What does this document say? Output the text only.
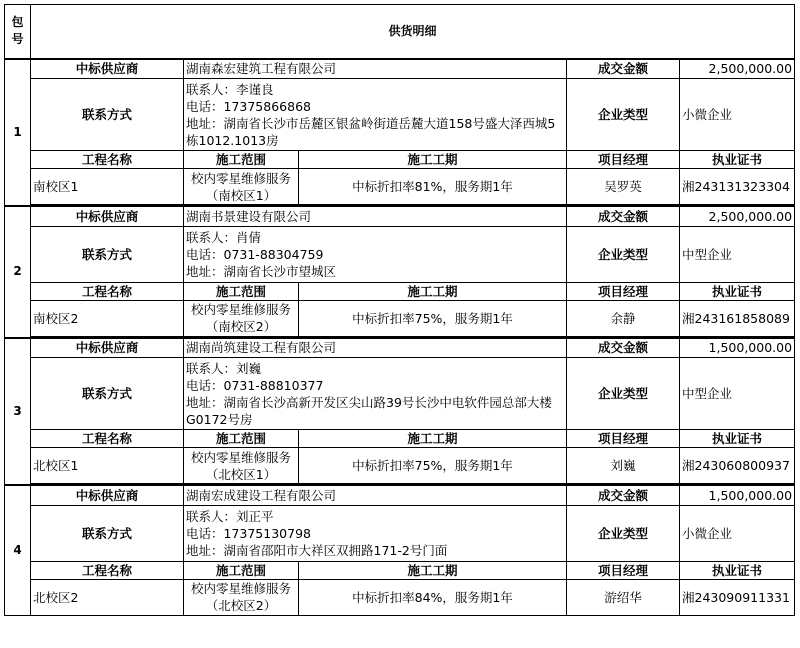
包号	供货明细				
1	中标供应商	湖南森宏建筑工程有限公司		成交金额	2,500,000.00
	联系方式	联系人：李谨良
电话：17375866868
地址：湖南省长沙市岳麓区银盆岭街道岳麓大道158号盛大泽西城5栋1012.1013房		企业类型	小微企业
	工程名称	施工范围	施工工期	项目经理	执业证书
	南校区1	校内零星维修服务（南校区1）	中标折扣率81%，服务期1年	吴罗英	湘243131323304

2	中标供应商	湖南书景建设有限公司		成交金额	2,500,000.00
	联系方式	联系人：肖倩
电话：0731-88304759
地址：湖南省长沙市望城区		企业类型	中型企业
	工程名称	施工范围	施工工期	项目经理	执业证书
	南校区2	校内零星维修服务（南校区2）	中标折扣率75%，服务期1年	余静	湘243161858089

3	中标供应商	湖南尚筑建设工程有限公司		成交金额	1,500,000.00
	联系方式	联系人：刘巍
电话：0731-88810377
地址：湖南省长沙高新开发区尖山路39号长沙中电软件园总部大楼G0172号房		企业类型	中型企业
	工程名称	施工范围	施工工期	项目经理	执业证书
	北校区1	校内零星维修服务（北校区1）	中标折扣率75%，服务期1年	刘巍	湘243060800937

4	中标供应商	湖南宏成建设工程有限公司		成交金额	1,500,000.00
	联系方式	联系人：刘正平
电话：17375130798
地址：湖南省邵阳市大祥区双拥路171-2号门面		企业类型	小微企业
	工程名称	施工范围	施工工期	项目经理	执业证书
	北校区2	校内零星维修服务（北校区2）	中标折扣率84%，服务期1年	游绍华	湘243090911331
